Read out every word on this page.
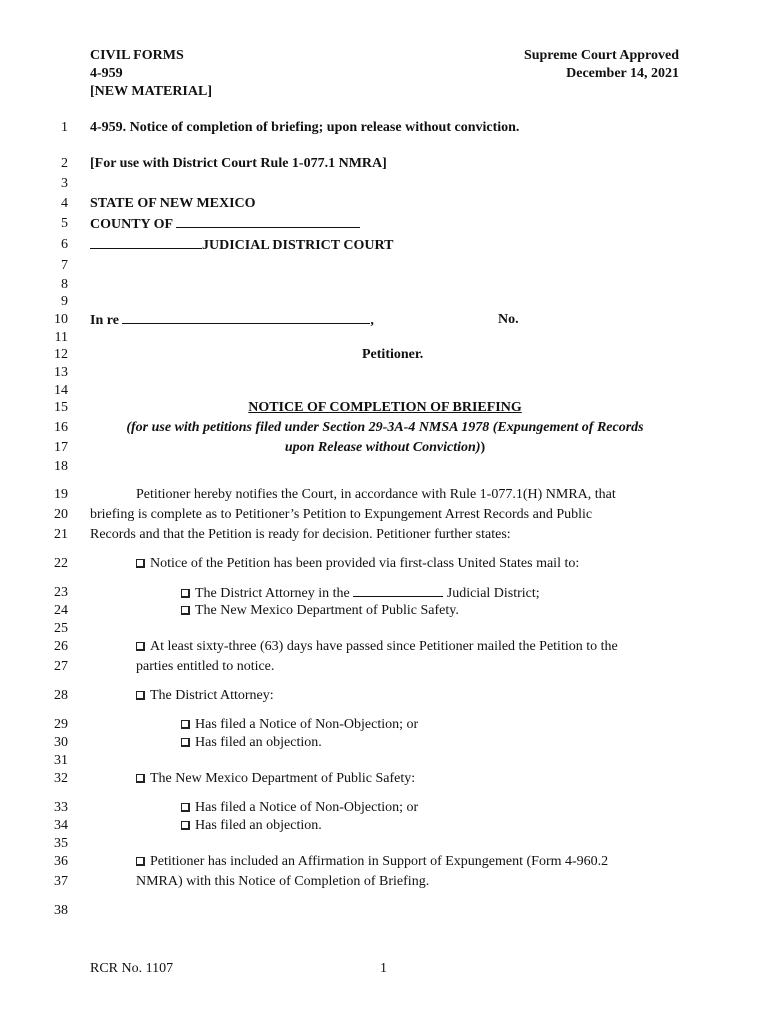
CIVIL FORMS
4-959
[NEW MATERIAL]
Supreme Court Approved
December 14, 2021
1
2
3
4
5
6
7
8
9
10
11
12
13
14
15
16
17
18
19
20
21
22
23
24
25
26
27
28
29
30
31
32
33
34
35
36
37
38
4-959. Notice of completion of briefing; upon release without conviction.
[For use with District Court Rule 1-077.1 NMRA]
STATE OF NEW MEXICO
COUNTY OF
JUDICIAL DISTRICT COURT
In re	,	No.
Petitioner.
NOTICE OF COMPLETION OF BRIEFING
(for use with petitions filed under Section 29-3A-4 NMSA 1978 (Expungement of Records
upon Release without Conviction))
Petitioner hereby notifies the Court, in accordance with Rule 1-077.1(H) NMRA, that
briefing is complete as to Petitioner’s Petition to Expungement Arrest Records and Public
Records and that the Petition is ready for decision. Petitioner further states:
Notice of the Petition has been provided via first-class United States mail to:
The District Attorney in the	Judicial District;
The New Mexico Department of Public Safety.
At least sixty-three (63) days have passed since Petitioner mailed the Petition to the
parties entitled to notice.
The District Attorney:
Has filed a Notice of Non-Objection; or
Has filed an objection.
The New Mexico Department of Public Safety:
Has filed a Notice of Non-Objection; or
Has filed an objection.
Petitioner has included an Affirmation in Support of Expungement (Form 4-960.2
NMRA) with this Notice of Completion of Briefing.
RCR No. 1107	1
